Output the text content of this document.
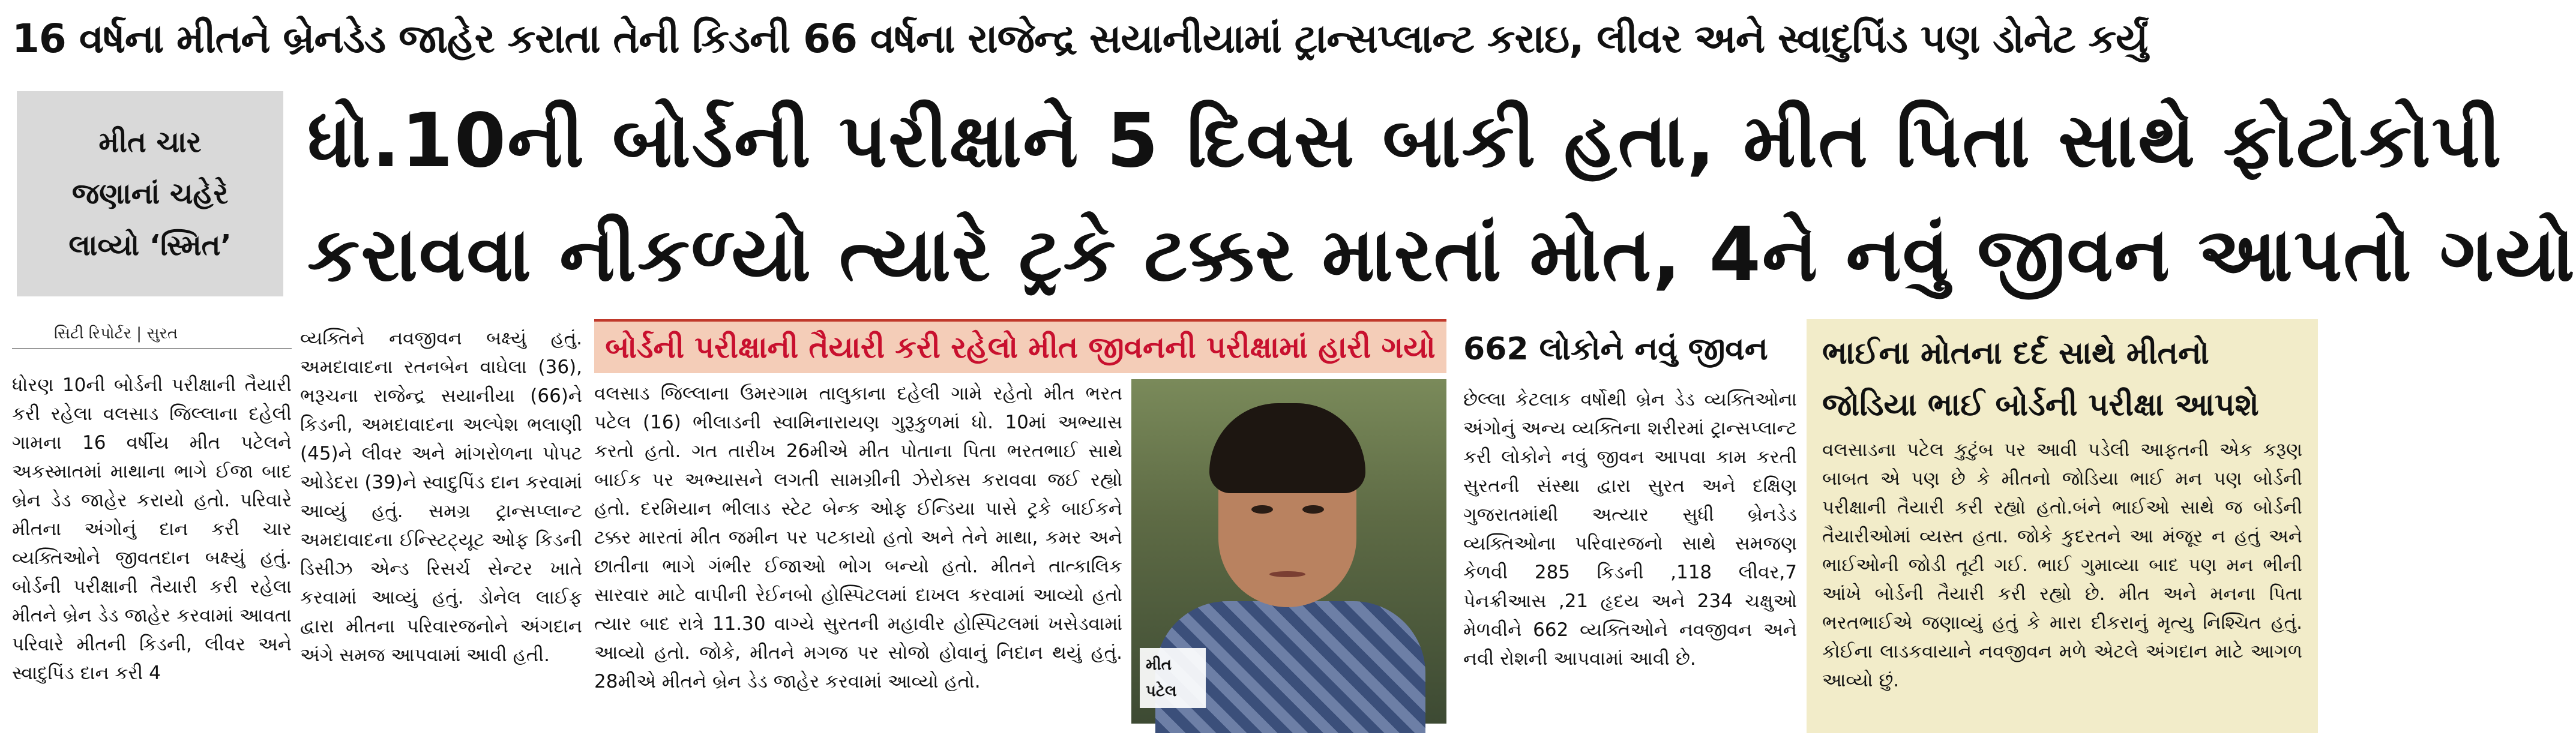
16 વર્ષના મીતને બ્રેનડેડ જાહેર કરાતા તેની કિડની 66 વર્ષના રાજેન્દ્ર સયાનીયામાં ટ્રાન્સપ્લાન્ટ કરાઇ, લીવર અને સ્વાદુપિંડ પણ ડોનેટ કર્યું
મીત ચાર
જણાનાં ચહેરે
લાવ્યો ‘સ્મિત’
ધો.10ની બોર્ડની પરીક્ષાને 5 દિવસ બાકી હતા, મીત પિતા સાથે ફોટોકોપી
કરાવવા નીકળ્યો ત્યારે ટ્રકે ટક્કર મારતાં મોત, 4ને નવું જીવન આપતો ગયો
સિટી રિપોર્ટર | સુરત
ધોરણ 10ની બોર્ડની પરીક્ષાની તૈયારી કરી રહેલા વલસાડ જિલ્લાના દહેલી ગામના 16 વર્ષીય મીત પટેલને અકસ્માતમાં માથાના ભાગે ઈજા બાદ બ્રેન ડેડ જાહેર કરાયો હતો. પરિવારે મીતના અંગોનું દાન કરી ચાર વ્યક્તિઓને જીવતદાન બક્ષ્યું હતું. બોર્ડની પરીક્ષાની તૈયારી કરી રહેલા મીતને બ્રેન ડેડ જાહેર કરવામાં આવતા પરિવારે મીતની કિડની, લીવર અને સ્વાદુપિંડ દાન કરી 4
વ્યક્તિને નવજીવન બક્ષ્યું હતું. અમદાવાદના રતનબેન વાઘેલા (36), ભરૂચના રાજેન્દ્ર સયાનીયા (66)ને કિડની, અમદાવાદના અલ્પેશ ભલાણી (45)ને લીવર અને માંગરોળના પોપટ ઓડેદરા (39)ને સ્વાદુપિંડ દાન કરવામાં આવ્યું હતું. સમગ્ર ટ્રાન્સપ્લાન્ટ અમદાવાદના ઈન્સ્ટિટ્યૂટ ઓફ કિડની ડિસીઝ એન્ડ રિસર્ચ સેન્ટર ખાતે કરવામાં આવ્યું હતું. ડોનેલ લાઈફ દ્વારા મીતના પરિવારજનોને અંગદાન અંગે સમજ આપવામાં આવી હતી.
બોર્ડની પરીક્ષાની તૈયારી કરી રહેલો મીત જીવનની પરીક્ષામાં હારી ગયો
વલસાડ જિલ્લાના ઉમરગામ તાલુકાના દહેલી ગામે રહેતો મીત ભરત પટેલ (16) ભીલાડની સ્વામિનારાયણ ગુરૂકુળમાં ધો. 10માં અભ્યાસ કરતો હતો. ગત તારીખ 26મીએ મીત પોતાના પિતા ભરતભાઈ સાથે બાઈક પર અભ્યાસને લગતી સામગ્રીની ઝેરોક્સ કરાવવા જઈ રહ્યો હતો. દરમિયાન ભીલાડ સ્ટેટ બેન્ક ઓફ ઈન્ડિયા પાસે ટ્રકે બાઈકને ટક્કર મારતાં મીત જમીન પર પટકાયો હતો અને તેને માથા, કમર અને છાતીના ભાગે ગંભીર ઈજાઓ ભોગ બન્યો હતો. મીતને તાત્કાલિક સારવાર માટે વાપીની રેઈનબો હોસ્પિટલમાં દાખલ કરવામાં આવ્યો હતો ત્યાર બાદ રાત્રે 11.30 વાગ્યે સુરતની મહાવીર હોસ્પિટલમાં ખસેડવામાં આવ્યો હતો. જોકે, મીતને મગજ પર સોજો હોવાનું નિદાન થયું હતું. 28મીએ મીતને બ્રેન ડેડ જાહેર કરવામાં આવ્યો હતો.
મીત
પટેલ
662 લોકોને નવું જીવન
છેલ્લા કેટલાક વર્ષોથી બ્રેન ડેડ વ્યક્તિઓના અંગોનું અન્ય વ્યક્તિના શરીરમાં ટ્રાન્સપ્લાન્ટ કરી લોકોને નવું જીવન આપવા કામ કરતી સુરતની સંસ્થા દ્વારા સુરત અને દક્ષિણ ગુજરાતમાંથી અત્યાર સુધી બ્રેનડેડ વ્યક્તિઓના પરિવારજનો સાથે સમજણ કેળવી 285 કિડની ,118 લીવર,7 પેનક્રીઆસ ,21 હૃદય અને 234 ચક્ષુઓ મેળવીને 662 વ્યક્તિઓને નવજીવન અને નવી રોશની આપવામાં આવી છે.
ભાઈના મોતના દર્દ સાથે મીતનો
જોડિયા ભાઈ બોર્ડની પરીક્ષા આપશે
વલસાડના પટેલ કુટુંબ પર આવી પડેલી આફતની એક કરૂણ બાબત એ પણ છે કે મીતનો જોડિયા ભાઈ મન પણ બોર્ડની પરીક્ષાની તૈયારી કરી રહ્યો હતો.બંને ભાઈઓ સાથે જ બોર્ડની તૈયારીઓમાં વ્યસ્ત હતા. જોકે કુદરતને આ મંજૂર ન હતું અને ભાઈઓની જોડી તૂટી ગઈ. ભાઈ ગુમાવ્યા બાદ પણ મન ભીની આંખે બોર્ડની તૈયારી કરી રહ્યો છે. મીત અને મનના પિતા ભરતભાઈએ જણાવ્યું હતું કે મારા દીકરાનું મૃત્યુ નિશ્ચિત હતું. કોઈના લાડકવાયાને નવજીવન મળે એટલે અંગદાન માટે આગળ આવ્યો છું.
